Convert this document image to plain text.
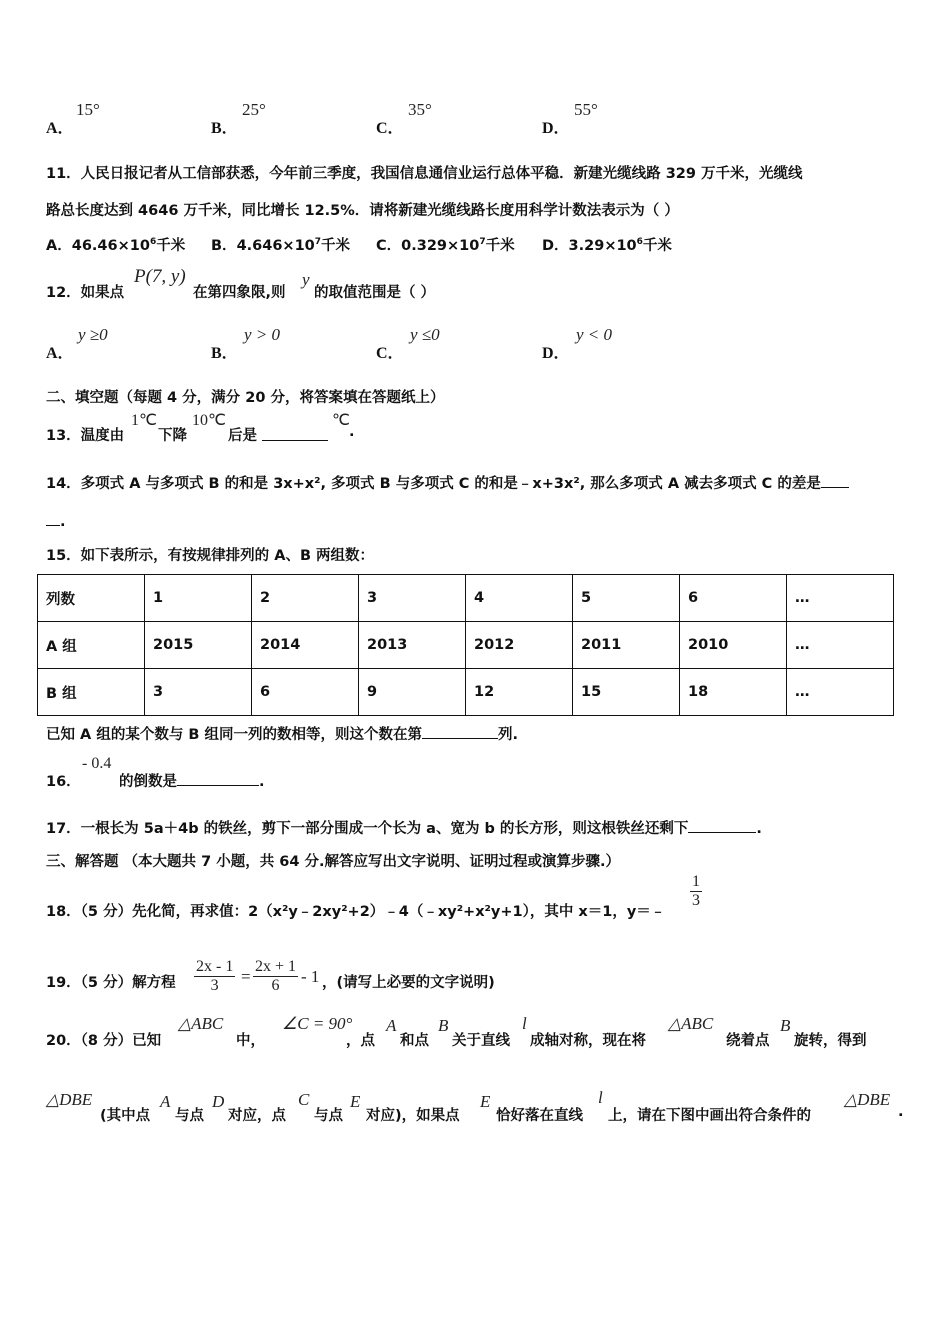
A．
15°
B．
25°
C．
35°
D．
55°
11．人民日报记者从工信部获悉，今年前三季度，我国信息通信业运行总体平稳．新建光缆线路 329 万千米，光缆线
路总长度达到 4646 万千米，同比增长 12.5%．请将新建光缆线路长度用科学计数法表示为（ ）
A．$46.46\times 10^6$千米 B．$4.646\times 10^7$千米 C．$0.329\times 10^7$千米 D．$3.29\times 10^6$千米
12．如果点
P(7, y)
在第四象限,则
y
的取值范围是（ ）
A．
y ≥0
B．
y > 0
C．
y ≤0
D．
y < 0
二、填空题（每题 4 分，满分 20 分，将答案填在答题纸上）
13．温度由
1℃
下降
10℃
后是
℃
.
14．多项式 A 与多项式 B 的和是 3x+x², 多项式 B 与多项式 C 的和是﹣x+3x², 那么多项式 A 减去多项式 C 的差是
.
15．如下表所示，有按规律排列的 A、B 两组数：
列数	1	2	3	4	5	6	…
A 组	2015	2014	2013	2012	2011	2010	…
B 组	3	6	9	12	15	18	…
已知 A 组的某个数与 B 组同一列的数相等，则这个数在第	列.
16．
- 0.4
的倒数是	.
17．一根长为 5a＋4b 的铁丝，剪下一部分围成一个长为 a、宽为 b 的长方形，则这根铁丝还剩下	.
三、解答题 （本大题共 7 小题，共 64 分.解答应写出文字说明、证明过程或演算步骤.）
18．（5 分）先化简，再求值：2（x²y﹣2xy²+2）﹣4（﹣xy²+x²y+1），其中 x＝1，y＝﹣
$\frac{1}{3}$
19．（5 分）解方程 $\frac{2x - 1}{3} = \frac{2x + 1}{6} - 1$ ，(请写上必要的文字说明)
20．（8 分）已知
△ABC
中，
∠C = 90°
，点
A
和点
B
关于直线
l
成轴对称，现在将
△ABC
绕着点
B
旋转，得到
△DBE
(其中点
A
与点
D
对应，点
C
与点
E
对应)，如果点
E
恰好落在直线
l
上，请在下图中画出符合条件的
△DBE
.
